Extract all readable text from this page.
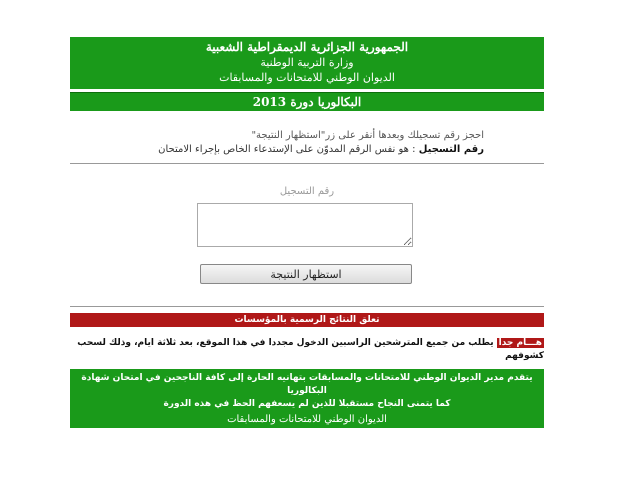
الجمهورية الجزائرية الديمقراطية الشعبية
وزارة التربية الوطنية
الديوان الوطني للامتحانات والمسابقات
البكالوريا دورة 2013
احجز رقم تسجيلك وبعدها أنقر على زر"استظهار النتيجة"
رقم التسجيل : هو نفس الرقم المدوّن على الإستدعاء الخاص بإجراء الامتحان
رقم التسجيل
استظهار النتيجة
تعلق النتائج الرسمية بالمؤسسات
هـــام جدايطلب من جميع المترشحين الراسبين الدخول مجددا في هذا الموقع، بعد ثلاثة ايام، وذلك لسحب كشوفهم
يتقدم مدير الديوان الوطني للامتحانات والمسابقات بتهانيه الحارة إلى كافة الناجحين في امتحان شهادة البكالوريا
كما يتمنى النجاح مستقبلا للذين لم يسعفهم الحظ في هذه الدورة
الديوان الوطني للامتحانات والمسابقات
2013
